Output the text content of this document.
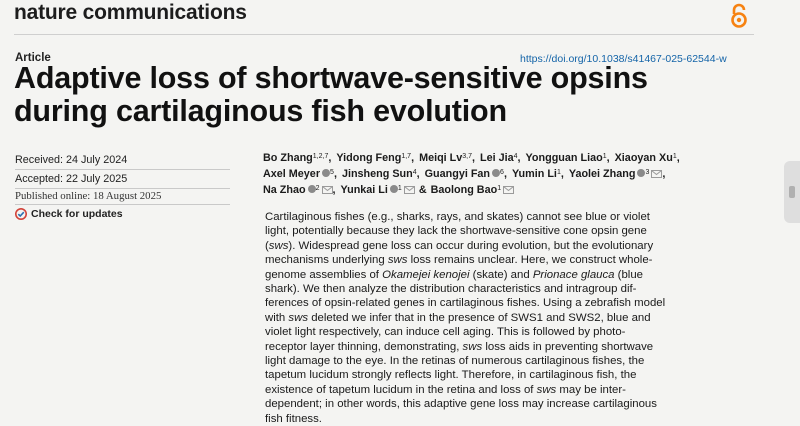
nature communications
Article	https://doi.org/10.1038/s41467-025-62544-w
Adaptive loss of shortwave-sensitive opsins
during cartilaginous fish evolution
Received: 24 July 2024
Accepted: 22 July 2025
Published online: 18 August 2025
Check for updates
Bo Zhang$^{1,2,7}$ , Yidong Feng$^{1,7}$ , Meiqi Lv$^{3,7}$ , Lei Jia$^4$ , Yongguan Liao$^1$ , Xiaoyan Xu$^1$ ,
Axel Meyer $^5$ , Jinsheng Sun$^4$ , Guangyi Fan $^6$ , Yumin Li$^1$ , Yaolei Zhang $^3$ ,
Na Zhao $^2$ , Yunkai Li $^1$ & Baolong Bao$^1$
Cartilaginous fishes (e.g., sharks, rays, and skates) cannot see blue or violet
light, potentially because they lack the shortwave-sensitive cone opsin gene
(sws). Widespread gene loss can occur during evolution, but the evolutionary
mechanisms underlying sws loss remains unclear. Here, we construct whole-
genome assemblies of Okamejei kenojei (skate) and Prionace glauca (blue
shark). We then analyze the distribution characteristics and intragroup dif-
ferences of opsin-related genes in cartilaginous fishes. Using a zebrafish model
with sws deleted we infer that in the presence of SWS1 and SWS2, blue and
violet light respectively, can induce cell aging. This is followed by photo-
receptor layer thinning, demonstrating, sws loss aids in preventing shortwave
light damage to the eye. In the retinas of numerous cartilaginous fishes, the
tapetum lucidum strongly reflects light. Therefore, in cartilaginous fish, the
existence of tapetum lucidum in the retina and loss of sws may be inter-
dependent; in other words, this adaptive gene loss may increase cartilaginous
fish fitness.
